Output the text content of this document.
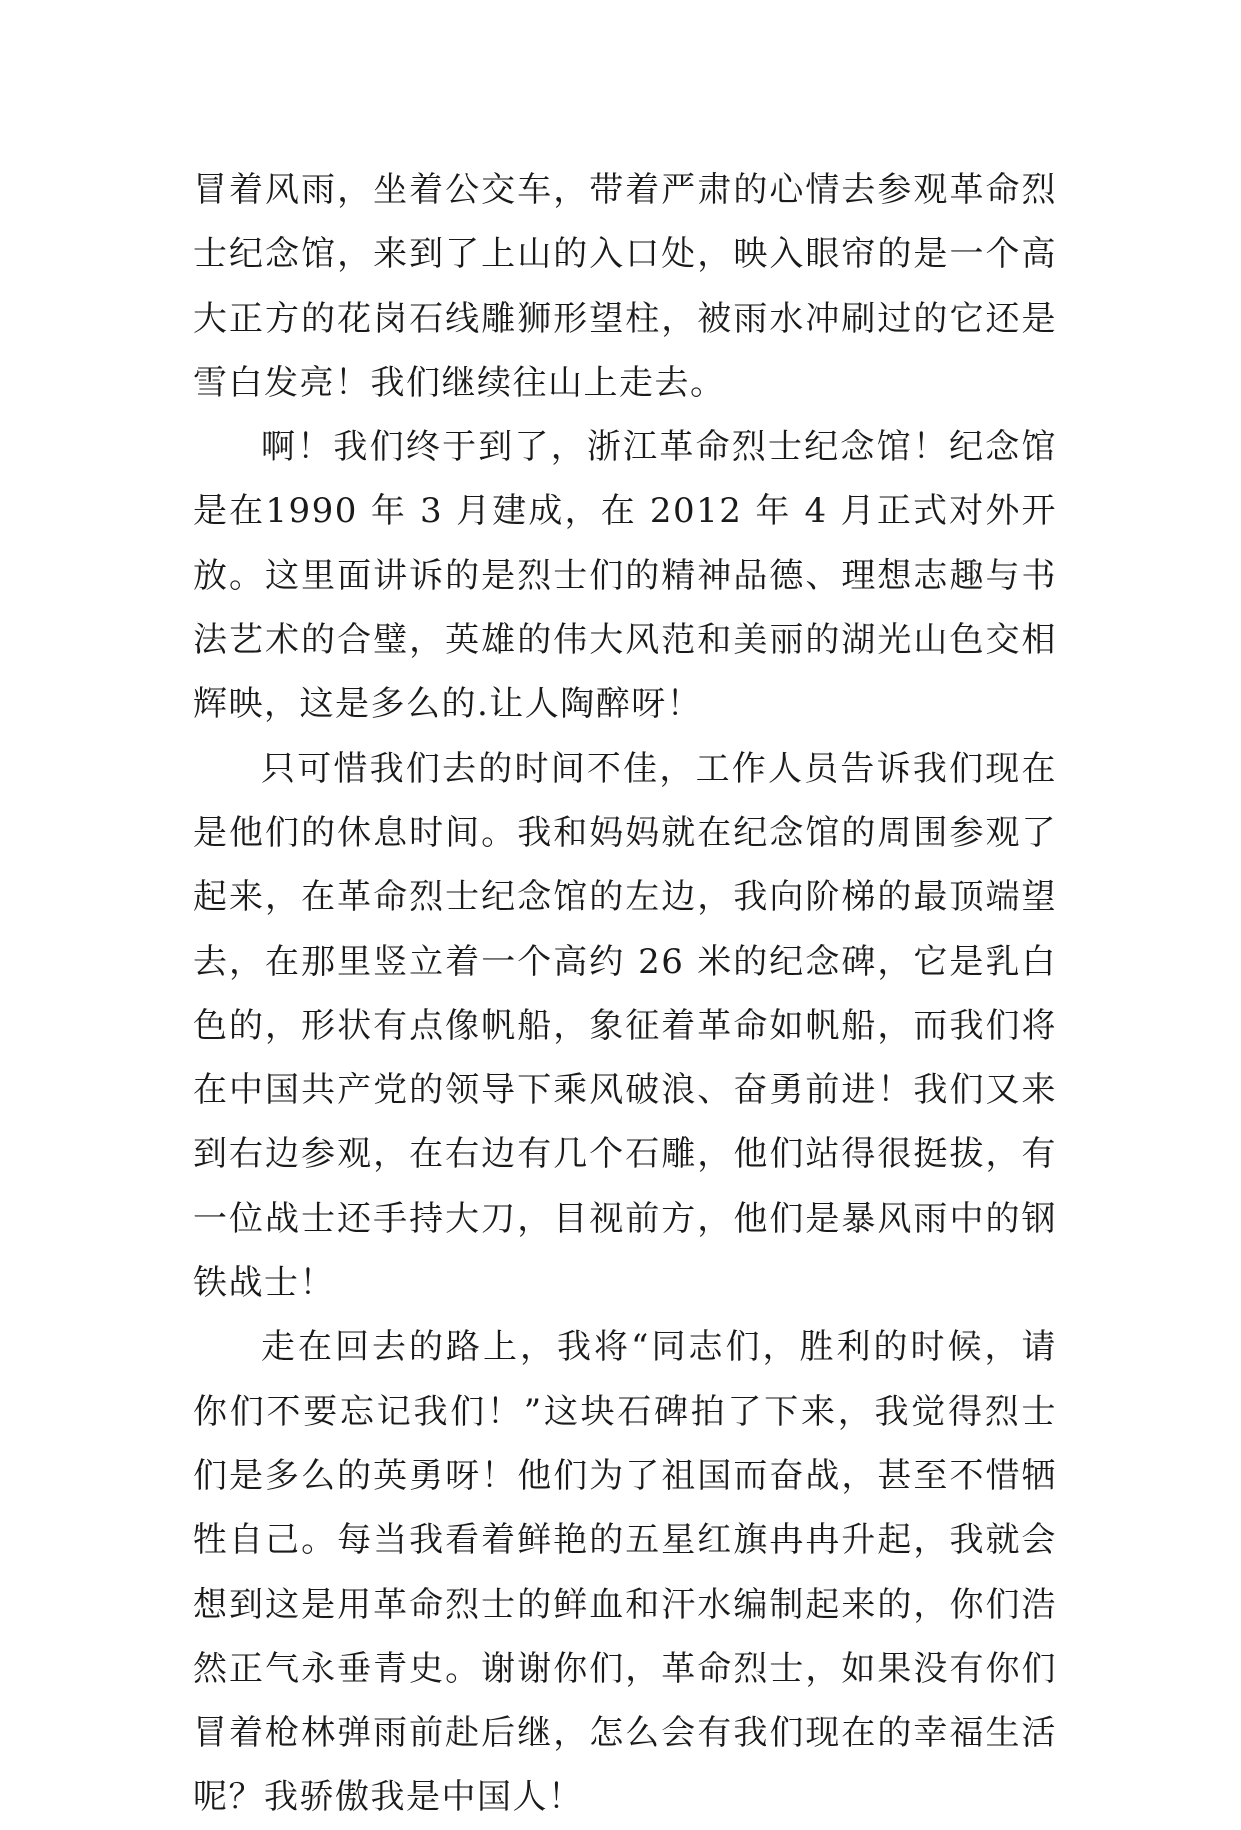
冒着风雨，坐着公交车，带着严肃的心情去参观革命烈士纪念馆，来到了上山的入口处，映入眼帘的是一个高大正方的花岗石线雕狮形望柱，被雨水冲刷过的它还是雪白发亮！我们继续往山上走去。

啊！我们终于到了，浙江革命烈士纪念馆！纪念馆是在1990 年 3 月建成，在 2012 年 4 月正式对外开放。这里面讲诉的是烈士们的精神品德、理想志趣与书法艺术的合璧，英雄的伟大风范和美丽的湖光山色交相辉映，这是多么的.让人陶醉呀！

只可惜我们去的时间不佳，工作人员告诉我们现在是他们的休息时间。我和妈妈就在纪念馆的周围参观了起来，在革命烈士纪念馆的左边，我向阶梯的最顶端望去，在那里竖立着一个高约 26 米的纪念碑，它是乳白色的，形状有点像帆船，象征着革命如帆船，而我们将在中国共产党的领导下乘风破浪、奋勇前进！我们又来到右边参观，在右边有几个石雕，他们站得很挺拔，有一位战士还手持大刀，目视前方，他们是暴风雨中的钢铁战士！

走在回去的路上，我将“同志们，胜利的时候，请你们不要忘记我们！”这块石碑拍了下来，我觉得烈士们是多么的英勇呀！他们为了祖国而奋战，甚至不惜牺牲自己。每当我看着鲜艳的五星红旗冉冉升起，我就会想到这是用革命烈士的鲜血和汗水编制起来的，你们浩然正气永垂青史。谢谢你们，革命烈士，如果没有你们冒着枪林弹雨前赴后继，怎么会有我们现在的幸福生活呢？我骄傲我是中国人！
